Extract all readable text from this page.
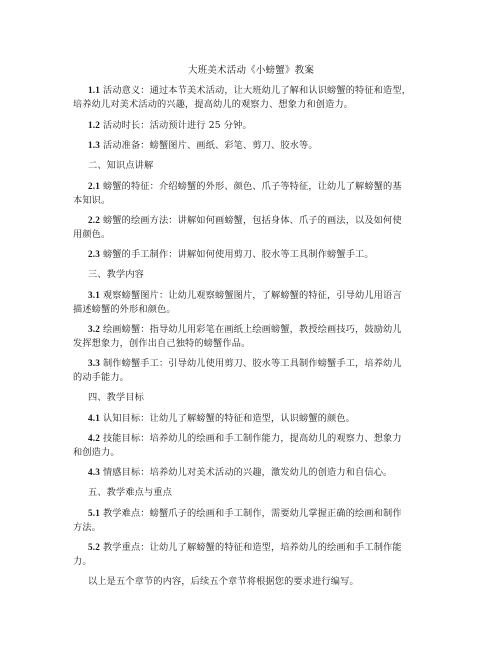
大班美术活动《小螃蟹》教案

1.1 活动意义：通过本节美术活动，让大班幼儿了解和认识螃蟹的特征和造型，

培养幼儿对美术活动的兴趣，提高幼儿的观察力、想象力和创造力。

1.2 活动时长：活动预计进行 25 分钟。

1.3 活动准备：螃蟹图片、画纸、彩笔、剪刀、胶水等。

二、知识点讲解

2.1 螃蟹的特征：介绍螃蟹的外形、颜色、爪子等特征，让幼儿了解螃蟹的基

本知识。

2.2 螃蟹的绘画方法：讲解如何画螃蟹，包括身体、爪子的画法，以及如何使

用颜色。

2.3 螃蟹的手工制作：讲解如何使用剪刀、胶水等工具制作螃蟹手工。

三、教学内容

3.1 观察螃蟹图片：让幼儿观察螃蟹图片，了解螃蟹的特征，引导幼儿用语言

描述螃蟹的外形和颜色。

3.2 绘画螃蟹：指导幼儿用彩笔在画纸上绘画螃蟹，教授绘画技巧，鼓励幼儿

发挥想象力，创作出自己独特的螃蟹作品。

3.3 制作螃蟹手工：引导幼儿使用剪刀、胶水等工具制作螃蟹手工，培养幼儿

的动手能力。

四、教学目标

4.1 认知目标：让幼儿了解螃蟹的特征和造型，认识螃蟹的颜色。

4.2 技能目标：培养幼儿的绘画和手工制作能力，提高幼儿的观察力、想象力

和创造力。

4.3 情感目标：培养幼儿对美术活动的兴趣，激发幼儿的创造力和自信心。

五、教学难点与重点

5.1 教学难点：螃蟹爪子的绘画和手工制作，需要幼儿掌握正确的绘画和制作

方法。

5.2 教学重点：让幼儿了解螃蟹的特征和造型，培养幼儿的绘画和手工制作能

力。

以上是五个章节的内容，后续五个章节将根据您的要求进行编写。
